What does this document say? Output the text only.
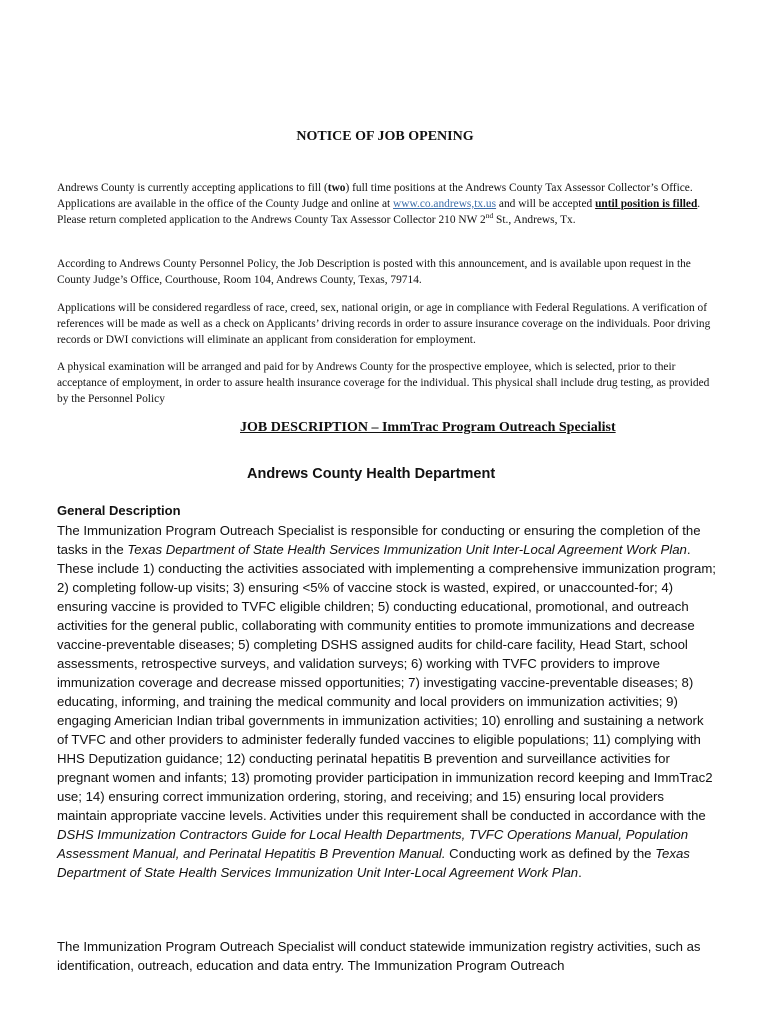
NOTICE OF JOB OPENING

Andrews County is currently accepting applications to fill (two) full time positions at the Andrews County Tax Assessor Collector’s Office. Applications are available in the office of the County Judge and online at www.co.andrews,tx.us and will be accepted until position is filled. Please return completed application to the Andrews County Tax Assessor Collector 210 NW 2nd St., Andrews, Tx.

According to Andrews County Personnel Policy, the Job Description is posted with this announcement, and is available upon request in the County Judge’s Office, Courthouse, Room 104, Andrews County, Texas, 79714.

Applications will be considered regardless of race, creed, sex, national origin, or age in compliance with Federal Regulations. A verification of references will be made as well as a check on Applicants’ driving records in order to assure insurance coverage on the individuals. Poor driving records or DWI convictions will eliminate an applicant from consideration for employment.

A physical examination will be arranged and paid for by Andrews County for the prospective employee, which is selected, prior to their acceptance of employment, in order to assure health insurance coverage for the individual. This physical shall include drug testing, as provided by the Personnel Policy

JOB DESCRIPTION – ImmTrac Program Outreach Specialist
Andrews County Health Department
General Description

The Immunization Program Outreach Specialist is responsible for conducting or ensuring the completion of the tasks in the Texas Department of State Health Services Immunization Unit Inter-Local Agreement Work Plan. These include 1) conducting the activities associated with implementing a comprehensive immunization program; 2) completing follow-up visits; 3) ensuring <5% of vaccine stock is wasted, expired, or unaccounted-for; 4) ensuring vaccine is provided to TVFC eligible children; 5) conducting educational, promotional, and outreach activities for the general public, collaborating with community entities to promote immunizations and decrease vaccine-preventable diseases; 5) completing DSHS assigned audits for child-care facility, Head Start, school assessments, retrospective surveys, and validation surveys; 6) working with TVFC providers to improve immunization coverage and decrease missed opportunities; 7) investigating vaccine-preventable diseases; 8) educating, informing, and training the medical community and local providers on immunization activities; 9) engaging Americian Indian tribal governments in immunization activities; 10) enrolling and sustaining a network of TVFC and other providers to administer federally funded vaccines to eligible populations; 11) complying with HHS Deputization guidance; 12) conducting perinatal hepatitis B prevention and surveillance activities for pregnant women and infants; 13) promoting provider participation in immunization record keeping and ImmTrac2 use; 14) ensuring correct immunization ordering, storing, and receiving; and 15) ensuring local providers maintain appropriate vaccine levels. Activities under this requirement shall be conducted in accordance with the DSHS Immunization Contractors Guide for Local Health Departments, TVFC Operations Manual, Population Assessment Manual, and Perinatal Hepatitis B Prevention Manual. Conducting work as defined by the Texas Department of State Health Services Immunization Unit Inter-Local Agreement Work Plan.

The Immunization Program Outreach Specialist will conduct statewide immunization registry activities, such as identification, outreach, education and data entry. The Immunization Program Outreach
